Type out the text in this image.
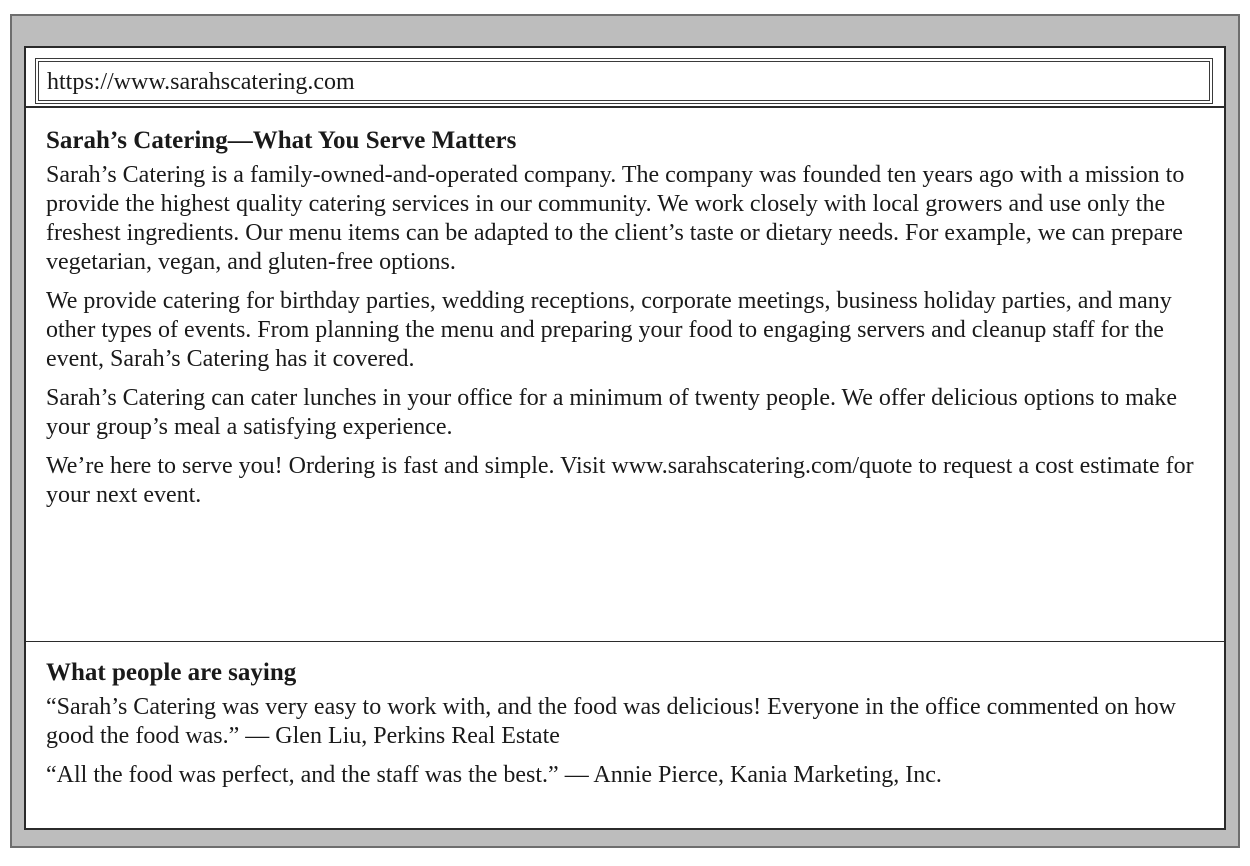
https://www.sarahscatering.com
Sarah’s Catering—What You Serve Matters

Sarah’s Catering is a family-owned-and-operated company. The company was founded ten years ago with a mission to provide the highest quality catering services in our community. We work closely with local growers and use only the freshest ingredients. Our menu items can be adapted to the client’s taste or dietary needs. For example, we can prepare vegetarian, vegan, and gluten-free options.

We provide catering for birthday parties, wedding receptions, corporate meetings, business holiday parties, and many other types of events. From planning the menu and preparing your food to engaging servers and cleanup staff for the event, Sarah’s Catering has it covered.

Sarah’s Catering can cater lunches in your office for a minimum of twenty people. We offer delicious options to make your group’s meal a satisfying experience.

We’re here to serve you! Ordering is fast and simple. Visit www.sarahscatering.com/quote to request a cost estimate for your next event.

What people are saying

“Sarah’s Catering was very easy to work with, and the food was delicious! Everyone in the office commented on how good the food was.” — Glen Liu, Perkins Real Estate

“All the food was perfect, and the staff was the best.” — Annie Pierce, Kania Marketing, Inc.
